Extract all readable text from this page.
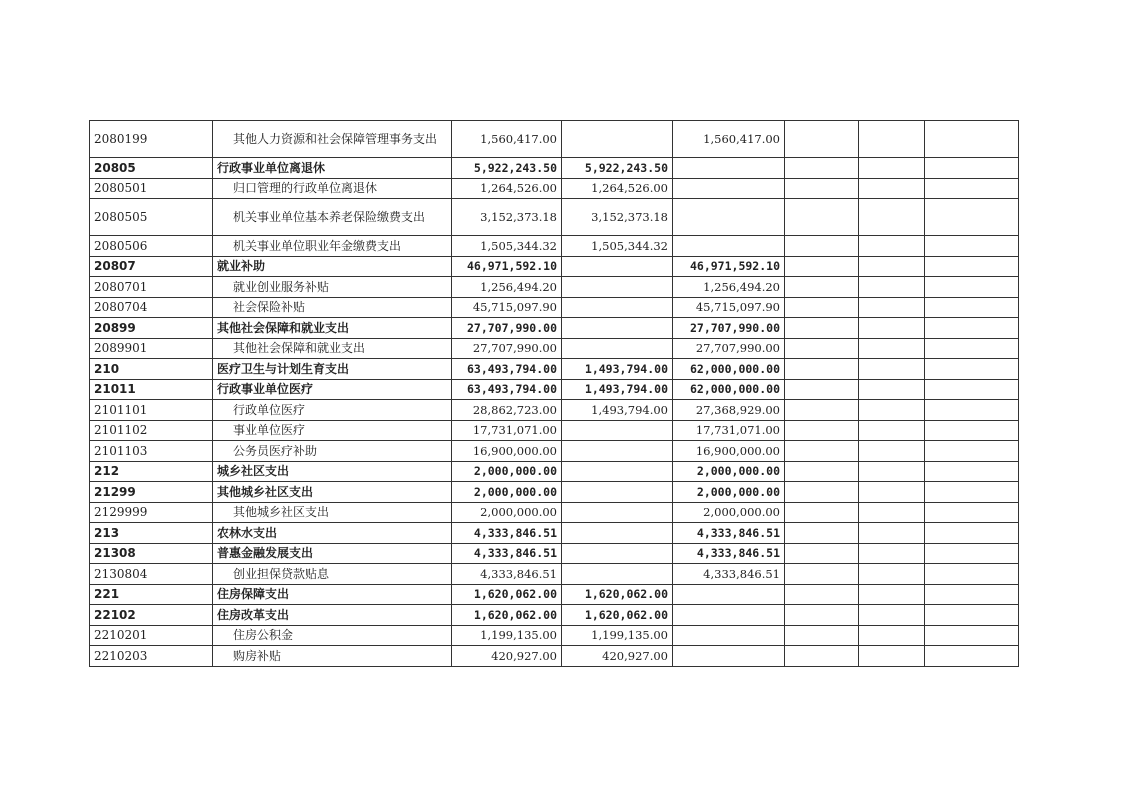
2080199	其他人力资源和社会保障管理事务支出	1,560,417.00		1,560,417.00			
20805	行政事业单位离退休	5,922,243.50	5,922,243.50				
2080501	归口管理的行政单位离退休	1,264,526.00	1,264,526.00				
2080505	机关事业单位基本养老保险缴费支出	3,152,373.18	3,152,373.18				
2080506	机关事业单位职业年金缴费支出	1,505,344.32	1,505,344.32				
20807	就业补助	46,971,592.10		46,971,592.10			
2080701	就业创业服务补贴	1,256,494.20		1,256,494.20			
2080704	社会保险补贴	45,715,097.90		45,715,097.90			
20899	其他社会保障和就业支出	27,707,990.00		27,707,990.00			
2089901	其他社会保障和就业支出	27,707,990.00		27,707,990.00			
210	医疗卫生与计划生育支出	63,493,794.00	1,493,794.00	62,000,000.00			
21011	行政事业单位医疗	63,493,794.00	1,493,794.00	62,000,000.00			
2101101	行政单位医疗	28,862,723.00	1,493,794.00	27,368,929.00			
2101102	事业单位医疗	17,731,071.00		17,731,071.00			
2101103	公务员医疗补助	16,900,000.00		16,900,000.00			
212	城乡社区支出	2,000,000.00		2,000,000.00			
21299	其他城乡社区支出	2,000,000.00		2,000,000.00			
2129999	其他城乡社区支出	2,000,000.00		2,000,000.00			
213	农林水支出	4,333,846.51		4,333,846.51			
21308	普惠金融发展支出	4,333,846.51		4,333,846.51			
2130804	创业担保贷款贴息	4,333,846.51		4,333,846.51			
221	住房保障支出	1,620,062.00	1,620,062.00				
22102	住房改革支出	1,620,062.00	1,620,062.00				
2210201	住房公积金	1,199,135.00	1,199,135.00				
2210203	购房补贴	420,927.00	420,927.00				
